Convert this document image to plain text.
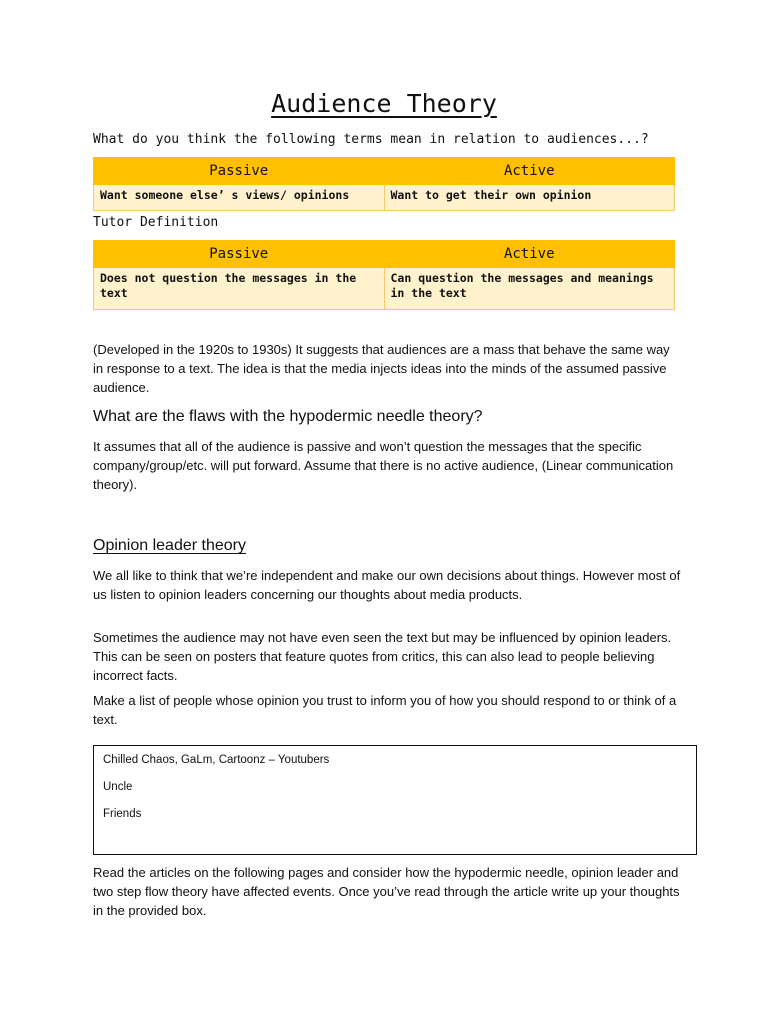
Audience Theory
What do you think the following terms mean in relation to audiences...?
Passive	Active
Want someone else’ s views/ opinions	Want to get their own opinion
Tutor Definition
Passive	Active
Does not question the messages in the text	Can question the messages and meanings in the text

(Developed in the 1920s to 1930s) It suggests that audiences are a mass that behave the same way in response to a text. The idea is that the media injects ideas into the minds of the assumed passive audience.

What are the flaws with the hypodermic needle theory?

It assumes that all of the audience is passive and won’t question the messages that the specific company/group/etc. will put forward. Assume that there is no active audience, (Linear communication theory).

Opinion leader theory

We all like to think that we’re independent and make our own decisions about things. However most of us listen to opinion leaders concerning our thoughts about media products.

Sometimes the audience may not have even seen the text but may be influenced by opinion leaders. This can be seen on posters that feature quotes from critics, this can also lead to people believing incorrect facts.

Make a list of people whose opinion you trust to inform you of how you should respond to or think of a text.

Chilled Chaos, GaLm, Cartoonz – Youtubers

Uncle

Friends

Read the articles on the following pages and consider how the hypodermic needle, opinion leader and two step flow theory have affected events. Once you’ve read through the article write up your thoughts in the provided box.
